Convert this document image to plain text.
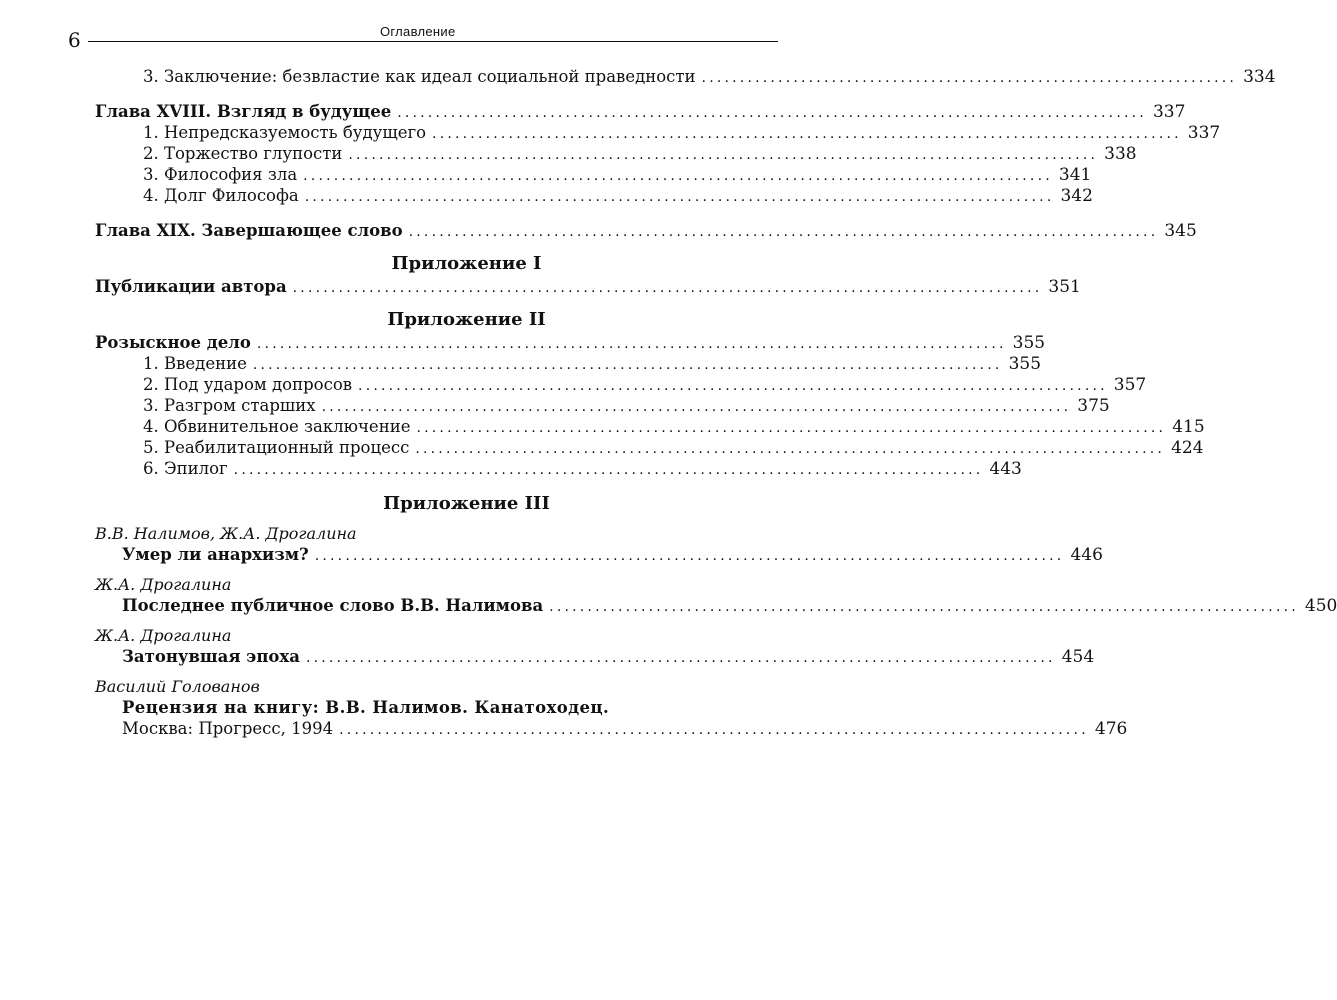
6	Оглавление
3. Заключение: безвластие как идеал социальной праведности ...................................................................... 334
Глава XVIII. Взгляд в будущее .................................................................................................. 337
1. Непредсказуемость будущего .................................................................................................. 337
2. Торжество глупости .................................................................................................. 338
3. Философия зла .................................................................................................. 341
4. Долг Философа .................................................................................................. 342
Глава XIX. Завершающее слово .................................................................................................. 345
Приложение I
Публикации автора .................................................................................................. 351
Приложение II
Розыскное дело .................................................................................................. 355
1. Введение .................................................................................................. 355
2. Под ударом допросов .................................................................................................. 357
3. Разгром старших .................................................................................................. 375
4. Обвинительное заключение .................................................................................................. 415
5. Реабилитационный процесс .................................................................................................. 424
6. Эпилог .................................................................................................. 443
Приложение III
В.В. Налимов, Ж.А. Дрогалина
Умер ли анархизм? .................................................................................................. 446
Ж.А. Дрогалина
Последнее публичное слово В.В. Налимова .................................................................................................. 450
Ж.А. Дрогалина
Затонувшая эпоха .................................................................................................. 454
Василий Голованов
Рецензия на книгу: В.В. Налимов. Канатоходец.
Москва: Прогресс, 1994 .................................................................................................. 476
